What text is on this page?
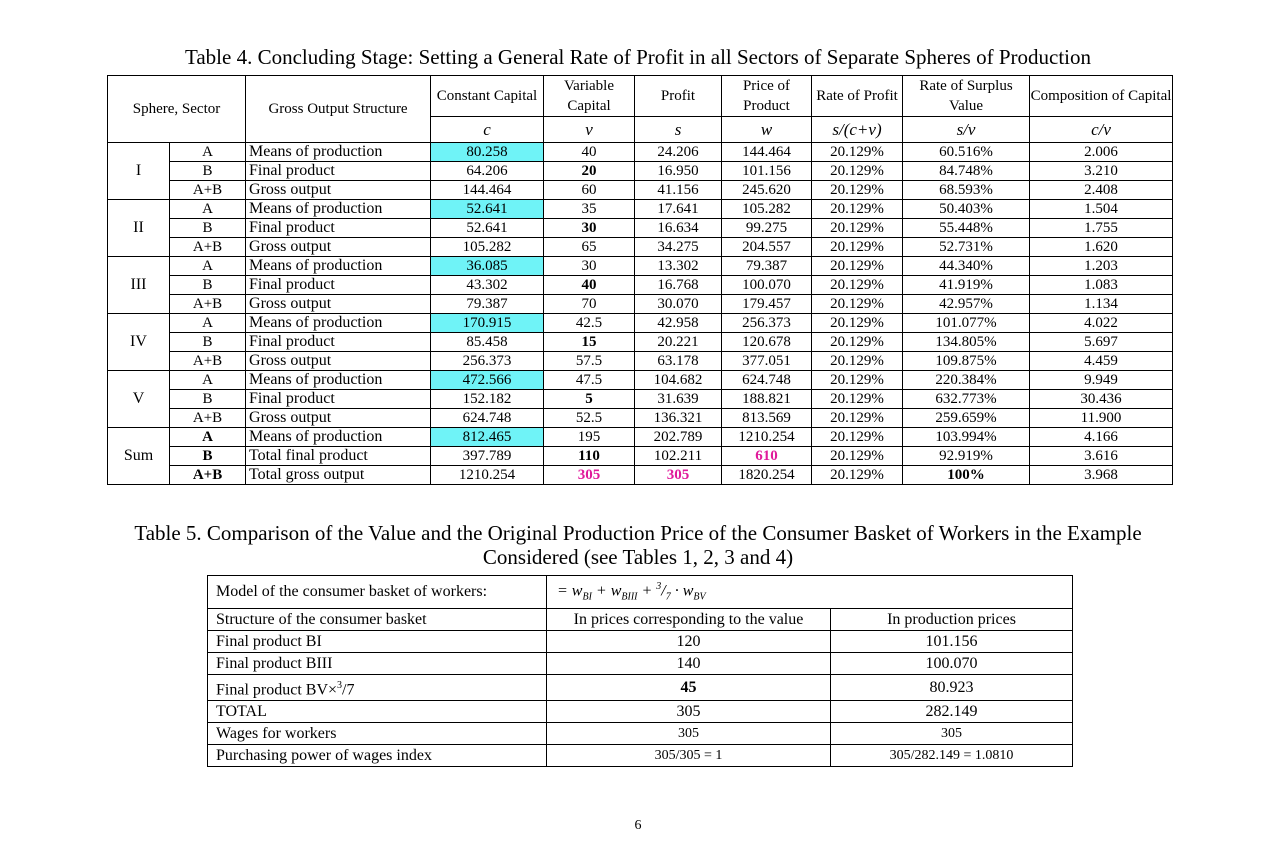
Table 4. Concluding Stage: Setting a General Rate of Profit in all Sectors of Separate Spheres of Production
Sphere, Sector		Gross Output Structure	Constant Capital	Variable Capital	Profit	Price of Product	Rate of Profit	Rate of Surplus Value	Composition of Capital
			c	v	s	w	s/(c+v)	s/v	c/v
I	A	Means of production	80.258	40	24.206	144.464	20.129%	60.516%	2.006
	B	Final product	64.206	20	16.950	101.156	20.129%	84.748%	3.210
	A+B	Gross output	144.464	60	41.156	245.620	20.129%	68.593%	2.408
II	A	Means of production	52.641	35	17.641	105.282	20.129%	50.403%	1.504
	B	Final product	52.641	30	16.634	99.275	20.129%	55.448%	1.755
	A+B	Gross output	105.282	65	34.275	204.557	20.129%	52.731%	1.620
III	A	Means of production	36.085	30	13.302	79.387	20.129%	44.340%	1.203
	B	Final product	43.302	40	16.768	100.070	20.129%	41.919%	1.083
	A+B	Gross output	79.387	70	30.070	179.457	20.129%	42.957%	1.134
IV	A	Means of production	170.915	42.5	42.958	256.373	20.129%	101.077%	4.022
	B	Final product	85.458	15	20.221	120.678	20.129%	134.805%	5.697
	A+B	Gross output	256.373	57.5	63.178	377.051	20.129%	109.875%	4.459
V	A	Means of production	472.566	47.5	104.682	624.748	20.129%	220.384%	9.949
	B	Final product	152.182	5	31.639	188.821	20.129%	632.773%	30.436
	A+B	Gross output	624.748	52.5	136.321	813.569	20.129%	259.659%	11.900
Sum	A	Means of production	812.465	195	202.789	1210.254	20.129%	103.994%	4.166
	B	Total final product	397.789	110	102.211	610	20.129%	92.919%	3.616
	A+B	Total gross output	1210.254	305	305	1820.254	20.129%	100%	3.968
Table 5. Comparison of the Value and the Original Production Price of the Consumer Basket of Workers in the Example Considered (see Tables 1, 2, 3 and 4)
Model of the consumer basket of workers:	= $w_{BI} + w_{BIII} + ^3/_7 \cdot w_{BV}$
Structure of the consumer basket	In prices corresponding to the value	In production prices
Final product BI	120	101.156
Final product BIII	140	100.070
Final product BV×$^3$/7	45	80.923
TOTAL	305	282.149
Wages for workers	305	305
Purchasing power of wages index	305/305 = 1	305/282.149 = 1.0810
6
